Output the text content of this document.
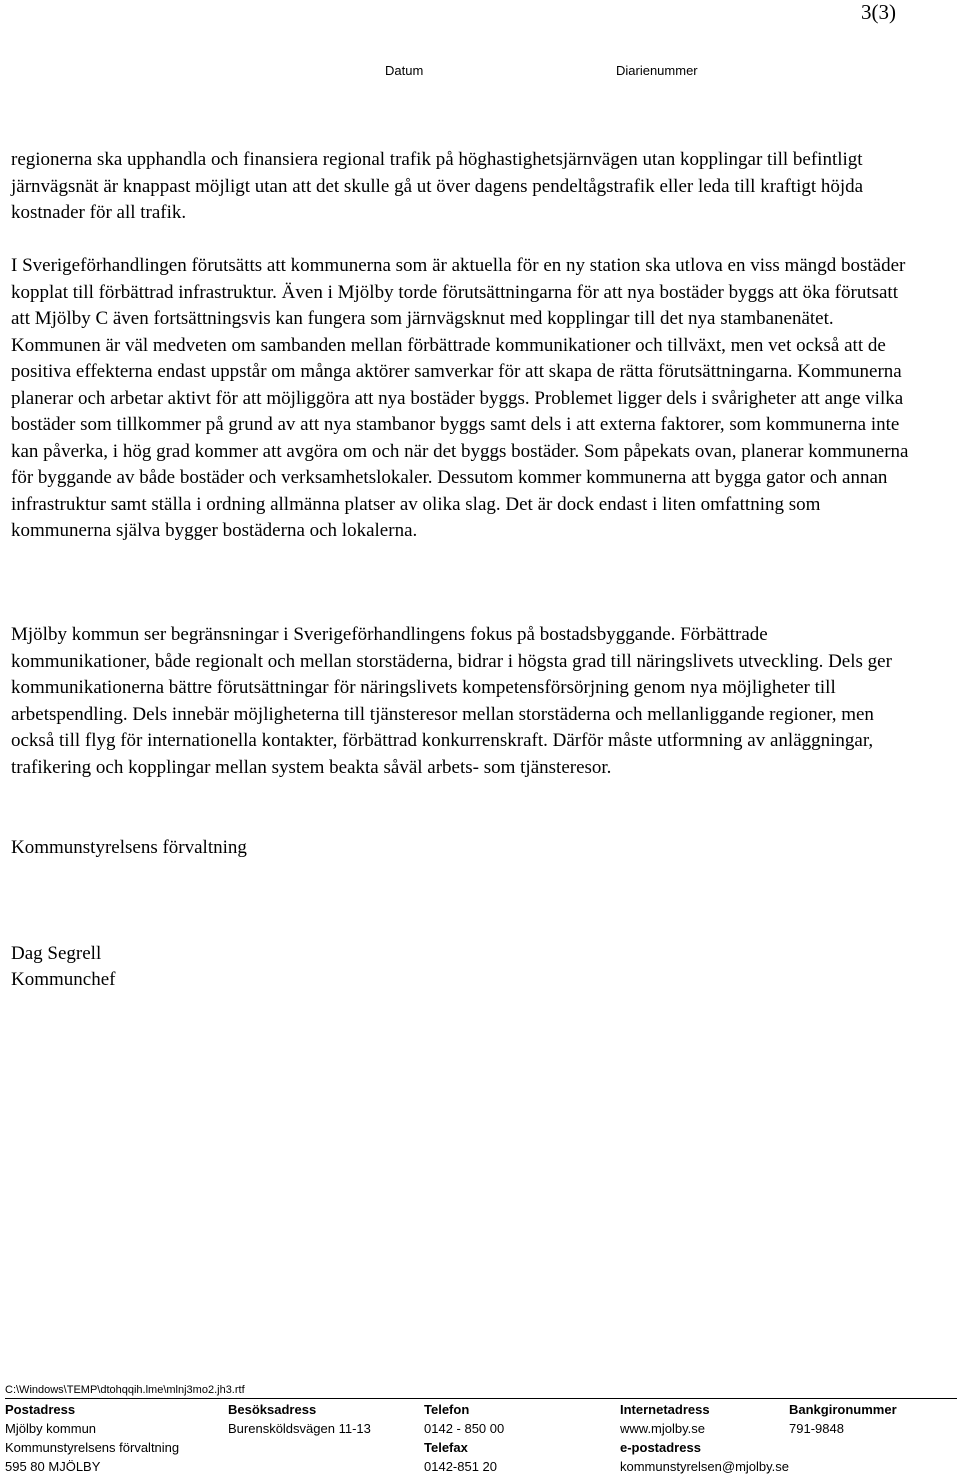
3(3)
Datum	Diarienummer

regionerna ska upphandla och finansiera regional trafik på höghastighetsjärnvägen utan kopplingar till befintligt järnvägsnät är knappast möjligt utan att det skulle gå ut över dagens pendeltågstrafik eller leda till kraftigt höjda kostnader för all trafik.

I Sverigeförhandlingen förutsätts att kommunerna som är aktuella för en ny station ska utlova en viss mängd bostäder kopplat till förbättrad infrastruktur. Även i Mjölby torde förutsättningarna för att nya bostäder byggs att öka förutsatt att Mjölby C även fortsättningsvis kan fungera som järnvägsknut med kopplingar till det nya stambanenätet. Kommunen är väl medveten om sambanden mellan förbättrade kommunikationer och tillväxt, men vet också att de positiva effekterna endast uppstår om många aktörer samverkar för att skapa de rätta förutsättningarna. Kommunerna planerar och arbetar aktivt för att möjliggöra att nya bostäder byggs. Problemet ligger dels i svårigheter att ange vilka bostäder som tillkommer på grund av att nya stambanor byggs samt dels i att externa faktorer, som kommunerna inte kan påverka, i hög grad kommer att avgöra om och när det byggs bostäder. Som påpekats ovan, planerar kommunerna för byggande av både bostäder och verksamhetslokaler. Dessutom kommer kommunerna att bygga gator och annan infrastruktur samt ställa i ordning allmänna platser av olika slag. Det är dock endast i liten omfattning som kommunerna själva bygger bostäderna och lokalerna.

Mjölby kommun ser begränsningar i Sverigeförhandlingens fokus på bostadsbyggande. Förbättrade kommunikationer, både regionalt och mellan storstäderna, bidrar i högsta grad till näringslivets utveckling. Dels ger kommunikationerna bättre förutsättningar för näringslivets kompetensförsörjning genom nya möjligheter till arbetspendling. Dels innebär möjligheterna till tjänsteresor mellan storstäderna och mellanliggande regioner, men också till flyg för internationella kontakter, förbättrad konkurrenskraft. Därför måste utformning av anläggningar, trafikering och kopplingar mellan system beakta såväl arbets- som tjänsteresor.

Kommunstyrelsens förvaltning

Dag Segrell

Kommunchef

C:\Windows\TEMP\dtohqqih.lme\mlnj3mo2.jh3.rtf
Postadress
Mjölby kommun
Kommunstyrelsens förvaltning
595 80 MJÖLBY
Besöksadress
Burensköldsvägen 11-13
Telefon
0142 - 850 00
Telefax
0142-851 20
Internetadress
www.mjolby.se
e-postadress
kommunstyrelsen@mjolby.se
Bankgironummer
791-9848
